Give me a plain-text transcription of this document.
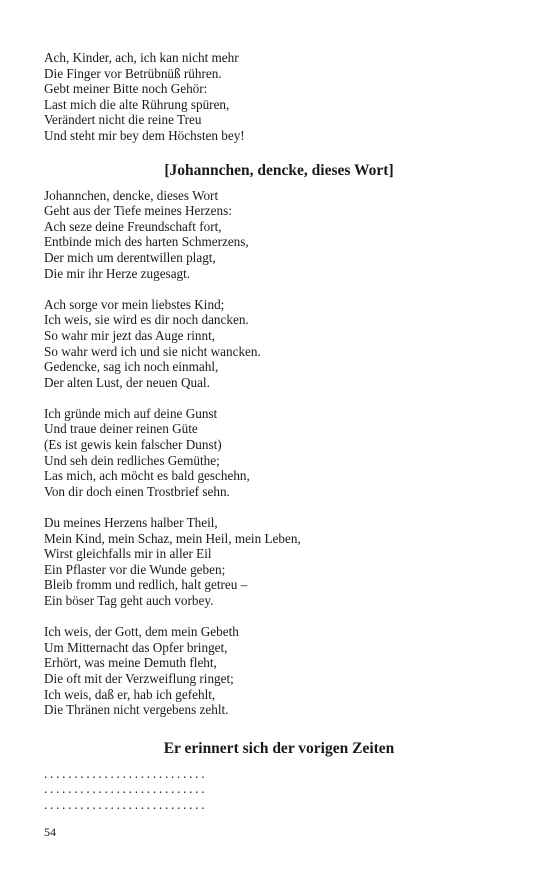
Ach, Kinder, ach, ich kan nicht mehr
Die Finger vor Betrübnüß rühren.
Gebt meiner Bitte noch Gehör:
Last mich die alte Rührung spüren,
Verändert nicht die reine Treu
Und steht mir bey dem Höchsten bey!
[Johannchen, dencke, dieses Wort]
Johannchen, dencke, dieses Wort
Geht aus der Tiefe meines Herzens:
Ach seze deine Freundschaft fort,
Entbinde mich des harten Schmerzens,
Der mich um derentwillen plagt,
Die mir ihr Herze zugesagt.
Ach sorge vor mein liebstes Kind;
Ich weis, sie wird es dir noch dancken.
So wahr mir jezt das Auge rinnt,
So wahr werd ich und sie nicht wancken.
Gedencke, sag ich noch einmahl,
Der alten Lust, der neuen Qual.
Ich gründe mich auf deine Gunst
Und traue deiner reinen Güte
(Es ist gewis kein falscher Dunst)
Und seh dein redliches Gemüthe;
Las mich, ach möcht es bald geschehn,
Von dir doch einen Trostbrief sehn.
Du meines Herzens halber Theil,
Mein Kind, mein Schaz, mein Heil, mein Leben,
Wirst gleichfalls mir in aller Eil
Ein Pflaster vor die Wunde geben;
Bleib fromm und redlich, halt getreu –
Ein böser Tag geht auch vorbey.
Ich weis, der Gott, dem mein Gebeth
Um Mitternacht das Opfer bringet,
Erhört, was meine Demuth fleht,
Die oft mit der Verzweiflung ringet;
Ich weis, daß er, hab ich gefehlt,
Die Thränen nicht vergebens zehlt.
Er erinnert sich der vorigen Zeiten
...........................
...........................
...........................
54
